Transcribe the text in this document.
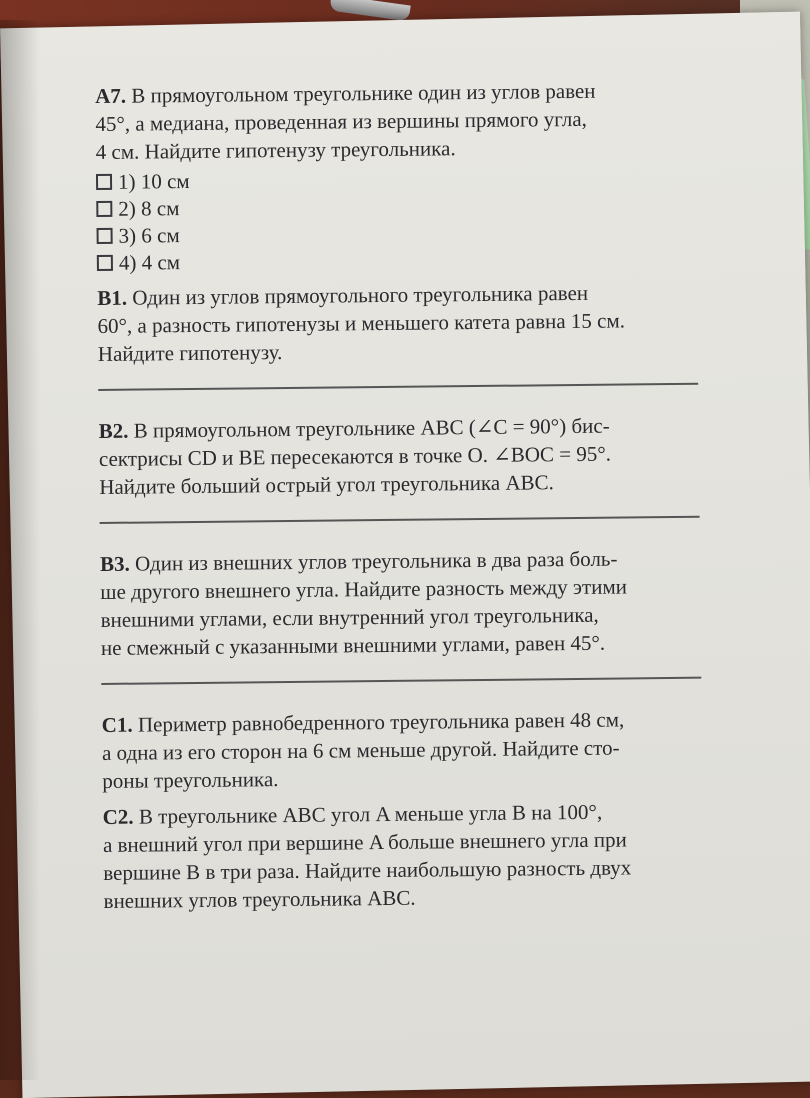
А7. В прямоугольном треугольнике один из углов равен

45°, а медиана, проведенная из вершины прямого угла,

4 см. Найдите гипотенузу треугольника.

1) 10 см
2) 8 см
3) 6 см
4) 4 см

В1. Один из углов прямоугольного треугольника равен

60°, а разность гипотенузы и меньшего катета равна 15 см.

Найдите гипотенузу.

В2. В прямоугольном треугольнике ABC (∠C = 90°) бис-

сектрисы CD и BE пересекаются в точке O. ∠BOC = 95°.

Найдите больший острый угол треугольника ABC.

В3. Один из внешних углов треугольника в два раза боль-

ше другого внешнего угла. Найдите разность между этими

внешними углами, если внутренний угол треугольника,

не смежный с указанными внешними углами, равен 45°.

С1. Периметр равнобедренного треугольника равен 48 см,

а одна из его сторон на 6 см меньше другой. Найдите сто-

роны треугольника.

С2. В треугольнике ABC угол A меньше угла B на 100°,

а внешний угол при вершине A больше внешнего угла при

вершине B в три раза. Найдите наибольшую разность двух

внешних углов треугольника ABC.
